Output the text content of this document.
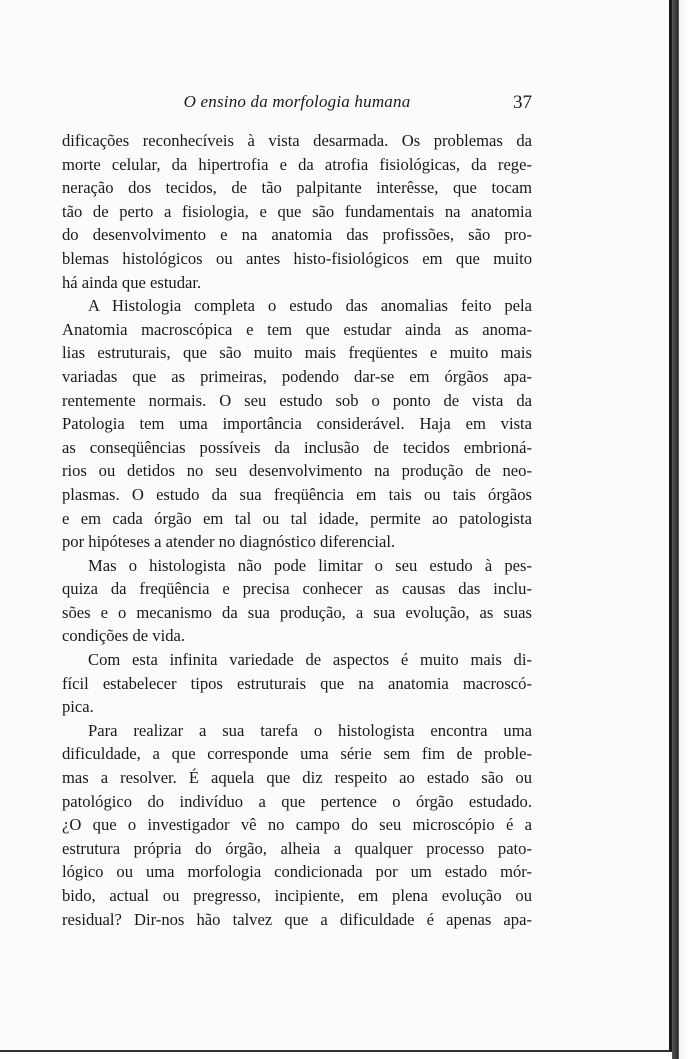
O ensino da morfologia humana	37
dificações reconhecíveis à vista desarmada. Os problemas da
morte celular, da hipertrofia e da atrofia fisiológicas, da rege-
neração dos tecidos, de tão palpitante interêsse, que tocam
tão de perto a fisiologia, e que são fundamentais na anatomia
do desenvolvimento e na anatomia das profissões, são pro-
blemas histológicos ou antes histo-fisiológicos em que muito
há ainda que estudar.
A Histologia completa o estudo das anomalias feito pela
Anatomia macroscópica e tem que estudar ainda as anoma-
lias estruturais, que são muito mais freqüentes e muito mais
variadas que as primeiras, podendo dar-se em órgãos apa-
rentemente normais. O seu estudo sob o ponto de vista da
Patologia tem uma importância considerável. Haja em vista
as conseqüências possíveis da inclusão de tecidos embrioná-
rios ou detidos no seu desenvolvimento na produção de neo-
plasmas. O estudo da sua freqüência em tais ou tais órgãos
e em cada órgão em tal ou tal idade, permite ao patologista
por hipóteses a atender no diagnóstico diferencial.
Mas o histologista não pode limitar o seu estudo à pes-
quiza da freqüência e precisa conhecer as causas das inclu-
sões e o mecanismo da sua produção, a sua evolução, as suas
condições de vida.
Com esta infinita variedade de aspectos é muito mais di-
fícil estabelecer tipos estruturais que na anatomia macroscó-
pica.
Para realizar a sua tarefa o histologista encontra uma
dificuldade, a que corresponde uma série sem fim de proble-
mas a resolver. É aquela que diz respeito ao estado são ou
patológico do indivíduo a que pertence o órgão estudado.
¿O que o investigador vê no campo do seu microscópio é a
estrutura própria do órgão, alheia a qualquer processo pato-
lógico ou uma morfologia condicionada por um estado mór-
bido, actual ou pregresso, incipiente, em plena evolução ou
residual? Dir-nos hão talvez que a dificuldade é apenas apa-
